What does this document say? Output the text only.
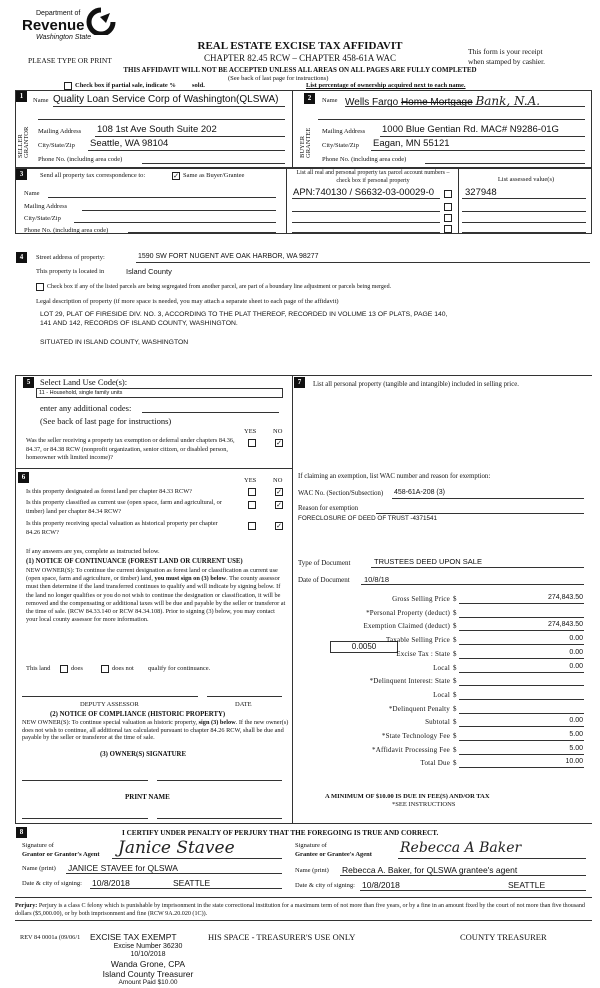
Department of
Revenue
Washington State
PLEASE TYPE OR PRINT
REAL ESTATE EXCISE TAX AFFIDAVIT
CHAPTER 82.45 RCW – CHAPTER 458-61A WAC
This form is your receipt
when stamped by cashier.
THIS AFFIDAVIT WILL NOT BE ACCEPTED UNLESS ALL AREAS ON ALL PAGES ARE FULLY COMPLETED
(See back of last page for instructions)
Check box if partial sale, indicate % sold.	List percentage of ownership acquired next to each name.
1
SELLER GRANTOR
Name Quality Loan Service Corp of Washington(QLSWA)
Mailing Address 108 1st Ave South Suite 202
City/State/Zip Seattle, WA 98104
Phone No. (including area code)
2
BUYER GRANTEE
Name Wells Fargo Home Mortgage Bank, N.A.
Mailing Address 1000 Blue Gentian Rd. MAC# N9286-01G
City/State/Zip Eagan, MN 55121
Phone No. (including area code)
3	Send all property tax correspondence to:	✓ Same as Buyer/Grantee
Name
Mailing Address
City/State/Zip
Phone No. (including area code)
List all real and personal property tax parcel account numbers – check box if personal property	List assessed value(s)
APN:740130 / S6632-03-00029-0	327948
4	Street address of property:	1590 SW FORT NUGENT AVE OAK HARBOR, WA 98277
This property is located in	Island County
Check box if any of the listed parcels are being segregated from another parcel, are part of a boundary line adjustment or parcels being merged.
Legal description of property (if more space is needed, you may attach a separate sheet to each page of the affidavit)
LOT 29, PLAT OF FIRESIDE DIV. NO. 3, ACCORDING TO THE PLAT THEREOF, RECORDED IN VOLUME 13 OF PLATS, PAGE 140,
141 AND 142, RECORDS OF ISLAND COUNTY, WASHINGTON.
SITUATED IN ISLAND COUNTY, WASHINGTON
5	Select Land Use Code(s):
11 - Household, single family units
enter any additional codes:
(See back of last page for instructions)
YES	NO
Was the seller receiving a property tax exemption or deferral under chapters 84.36, 84.37, or 84.38 RCW (nonprofit organization, senior citizen, or disabled person, homeowner with limited income)?
✓
6	YES	NO
Is this property designated as forest land per chapter 84.33 RCW?	✓
Is this property classified as current use (open space, farm and agricultural, or timber) land per chapter 84.34 RCW?
✓
Is this property receiving special valuation as historical property per chapter 84.26 RCW?
✓
If any answers are yes, complete as instructed below.
(1) NOTICE OF CONTINUANCE (FOREST LAND OR CURRENT USE)
NEW OWNER(S): To continue the current designation as forest land or classification as current use (open space, farm and agriculture, or timber) land, you must sign on (3) below. The county assessor must then determine if the land transferred continues to qualify and will indicate by signing below. If the land no longer qualifies or you do not wish to continue the designation or classification, it will be removed and the compensating or additional taxes will be due and payable by the seller or transferor at the time of sale. (RCW 84.33.140 or RCW 84.34.108). Prior to signing (3) below, you may contact your local county assessor for more information.
This land	does	does not qualify for continuance.
DEPUTY ASSESSOR	DATE
(2) NOTICE OF COMPLIANCE (HISTORIC PROPERTY)
NEW OWNER(S): To continue special valuation as historic property, sign (3) below. If the new owner(s) does not wish to continue, all additional tax calculated pursuant to chapter 84.26 RCW, shall be due and payable by the seller or transferor at the time of sale.
(3) OWNER(S) SIGNATURE
PRINT NAME
7	List all personal property (tangible and intangible) included in selling price.
If claiming an exemption, list WAC number and reason for exemption:
WAC No. (Section/Subsection) 458-61A-208 (3)
Reason for exemption
FORECLOSURE OF DEED OF TRUST -4371541
Type of Document	TRUSTEES DEED UPON SALE
Date of Document 10/8/18
0.0050
Gross Selling Price $	274,843.50
*Personal Property (deduct) $
Exemption Claimed (deduct) $	274,843.50
Taxable Selling Price $	0.00
Excise Tax : State $	0.00
Local $	0.00
*Delinquent Interest: State $
Local $
*Delinquent Penalty $
Subtotal $	0.00
*State Technology Fee $	5.00
*Affidavit Processing Fee $	5.00
Total Due $	10.00
A MINIMUM OF $10.00 IS DUE IN FEE(S) AND/OR TAX
*SEE INSTRUCTIONS
8	I CERTIFY UNDER PENALTY OF PERJURY THAT THE FOREGOING IS TRUE AND CORRECT.
Signature of
Grantor or Grantor's Agent Janice Stavee
Name (print) JANICE STAVEE for QLSWA
Date & city of signing: 10/8/2018	SEATTLE
Signature of
Grantee or Grantee's Agent Rebecca A Baker
Name (print) Rebecca A. Baker, for QLSWA grantee's agent
Date & city of signing: 10/8/2018	SEATTLE
Perjury: Perjury is a class C felony which is punishable by imprisonment in the state correctional institution for a maximum term of not more than five years, or by a fine in an amount fixed by the court of not more than five thousand dollars ($5,000.00), or by both imprisonment and fine (RCW 9A.20.020 (1C)).
REV 84 0001a (09/06/1 EXCISE TAX EXEMPT	HIS SPACE - TREASURER'S USE ONLY	COUNTY TREASURER
Excise Number 36230
10/10/2018
Wanda Grone, CPA
Island County Treasurer
Amount Paid $10.00
